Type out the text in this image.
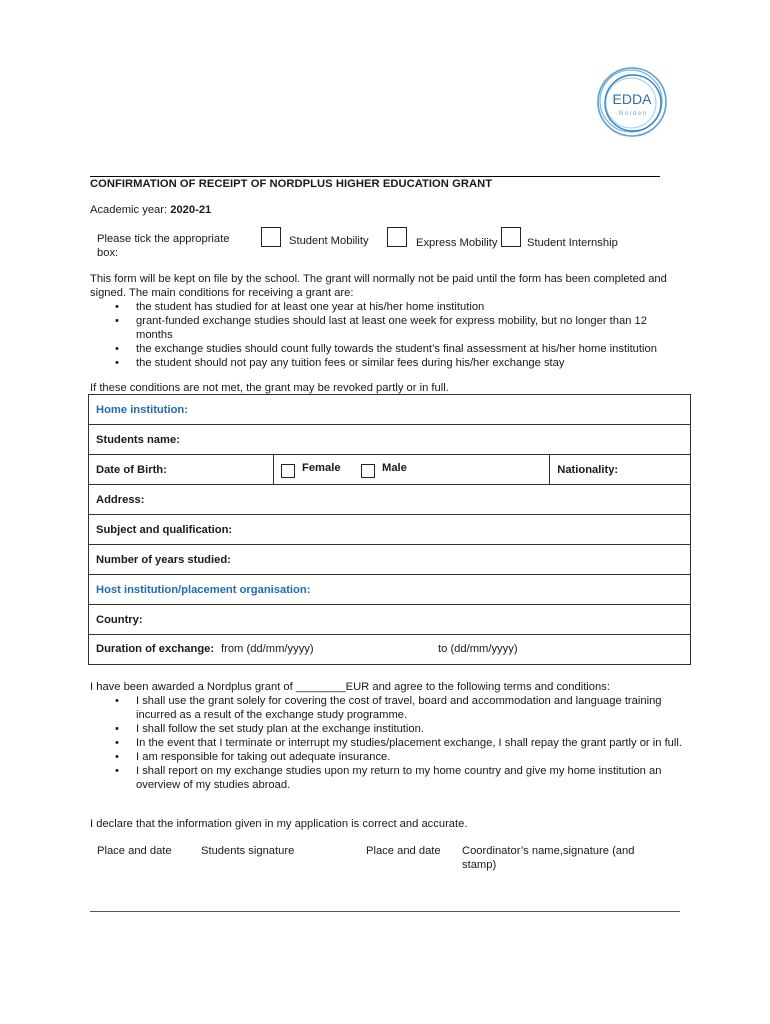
EDDA
Norden
CONFIRMATION OF RECEIPT OF NORDPLUS HIGHER EDUCATION GRANT
Academic year: 2020-21
Please tick the appropriate box:
Student Mobility	Express Mobility	Student Internship
This form will be kept on file by the school. The grant will normally not be paid until the form has been completed and signed. The main conditions for receiving a grant are:
• the student has studied for at least one year at his/her home institution
• grant-funded exchange studies should last at least one week for express mobility, but no longer than 12 months
• the exchange studies should count fully towards the student’s final assessment at his/her home institution
• the student should not pay any tuition fees or similar fees during his/her exchange stay
If these conditions are not met, the grant may be revoked partly or in full.
Home institution:
Students name:
Date of Birth:	Female	Male	Nationality:
Address:
Subject and qualification:
Number of years studied:
Host institution/placement organisation:
Country:

Duration of exchange: from (dd/mm/yyyy)	to (dd/mm/yyyy)
I have been awarded a Nordplus grant of ________EUR and agree to the following terms and conditions:
• I shall use the grant solely for covering the cost of travel, board and accommodation and language training incurred as a result of the exchange study programme.
• I shall follow the set study plan at the exchange institution.
• In the event that I terminate or interrupt my studies/placement exchange, I shall repay the grant partly or in full.
• I am responsible for taking out adequate insurance.
• I shall report on my exchange studies upon my return to my home country and give my home institution an overview of my studies abroad.
I declare that the information given in my application is correct and accurate.
Place and date	Students signature	Place and date Coordinator’s name,signature (and stamp)
